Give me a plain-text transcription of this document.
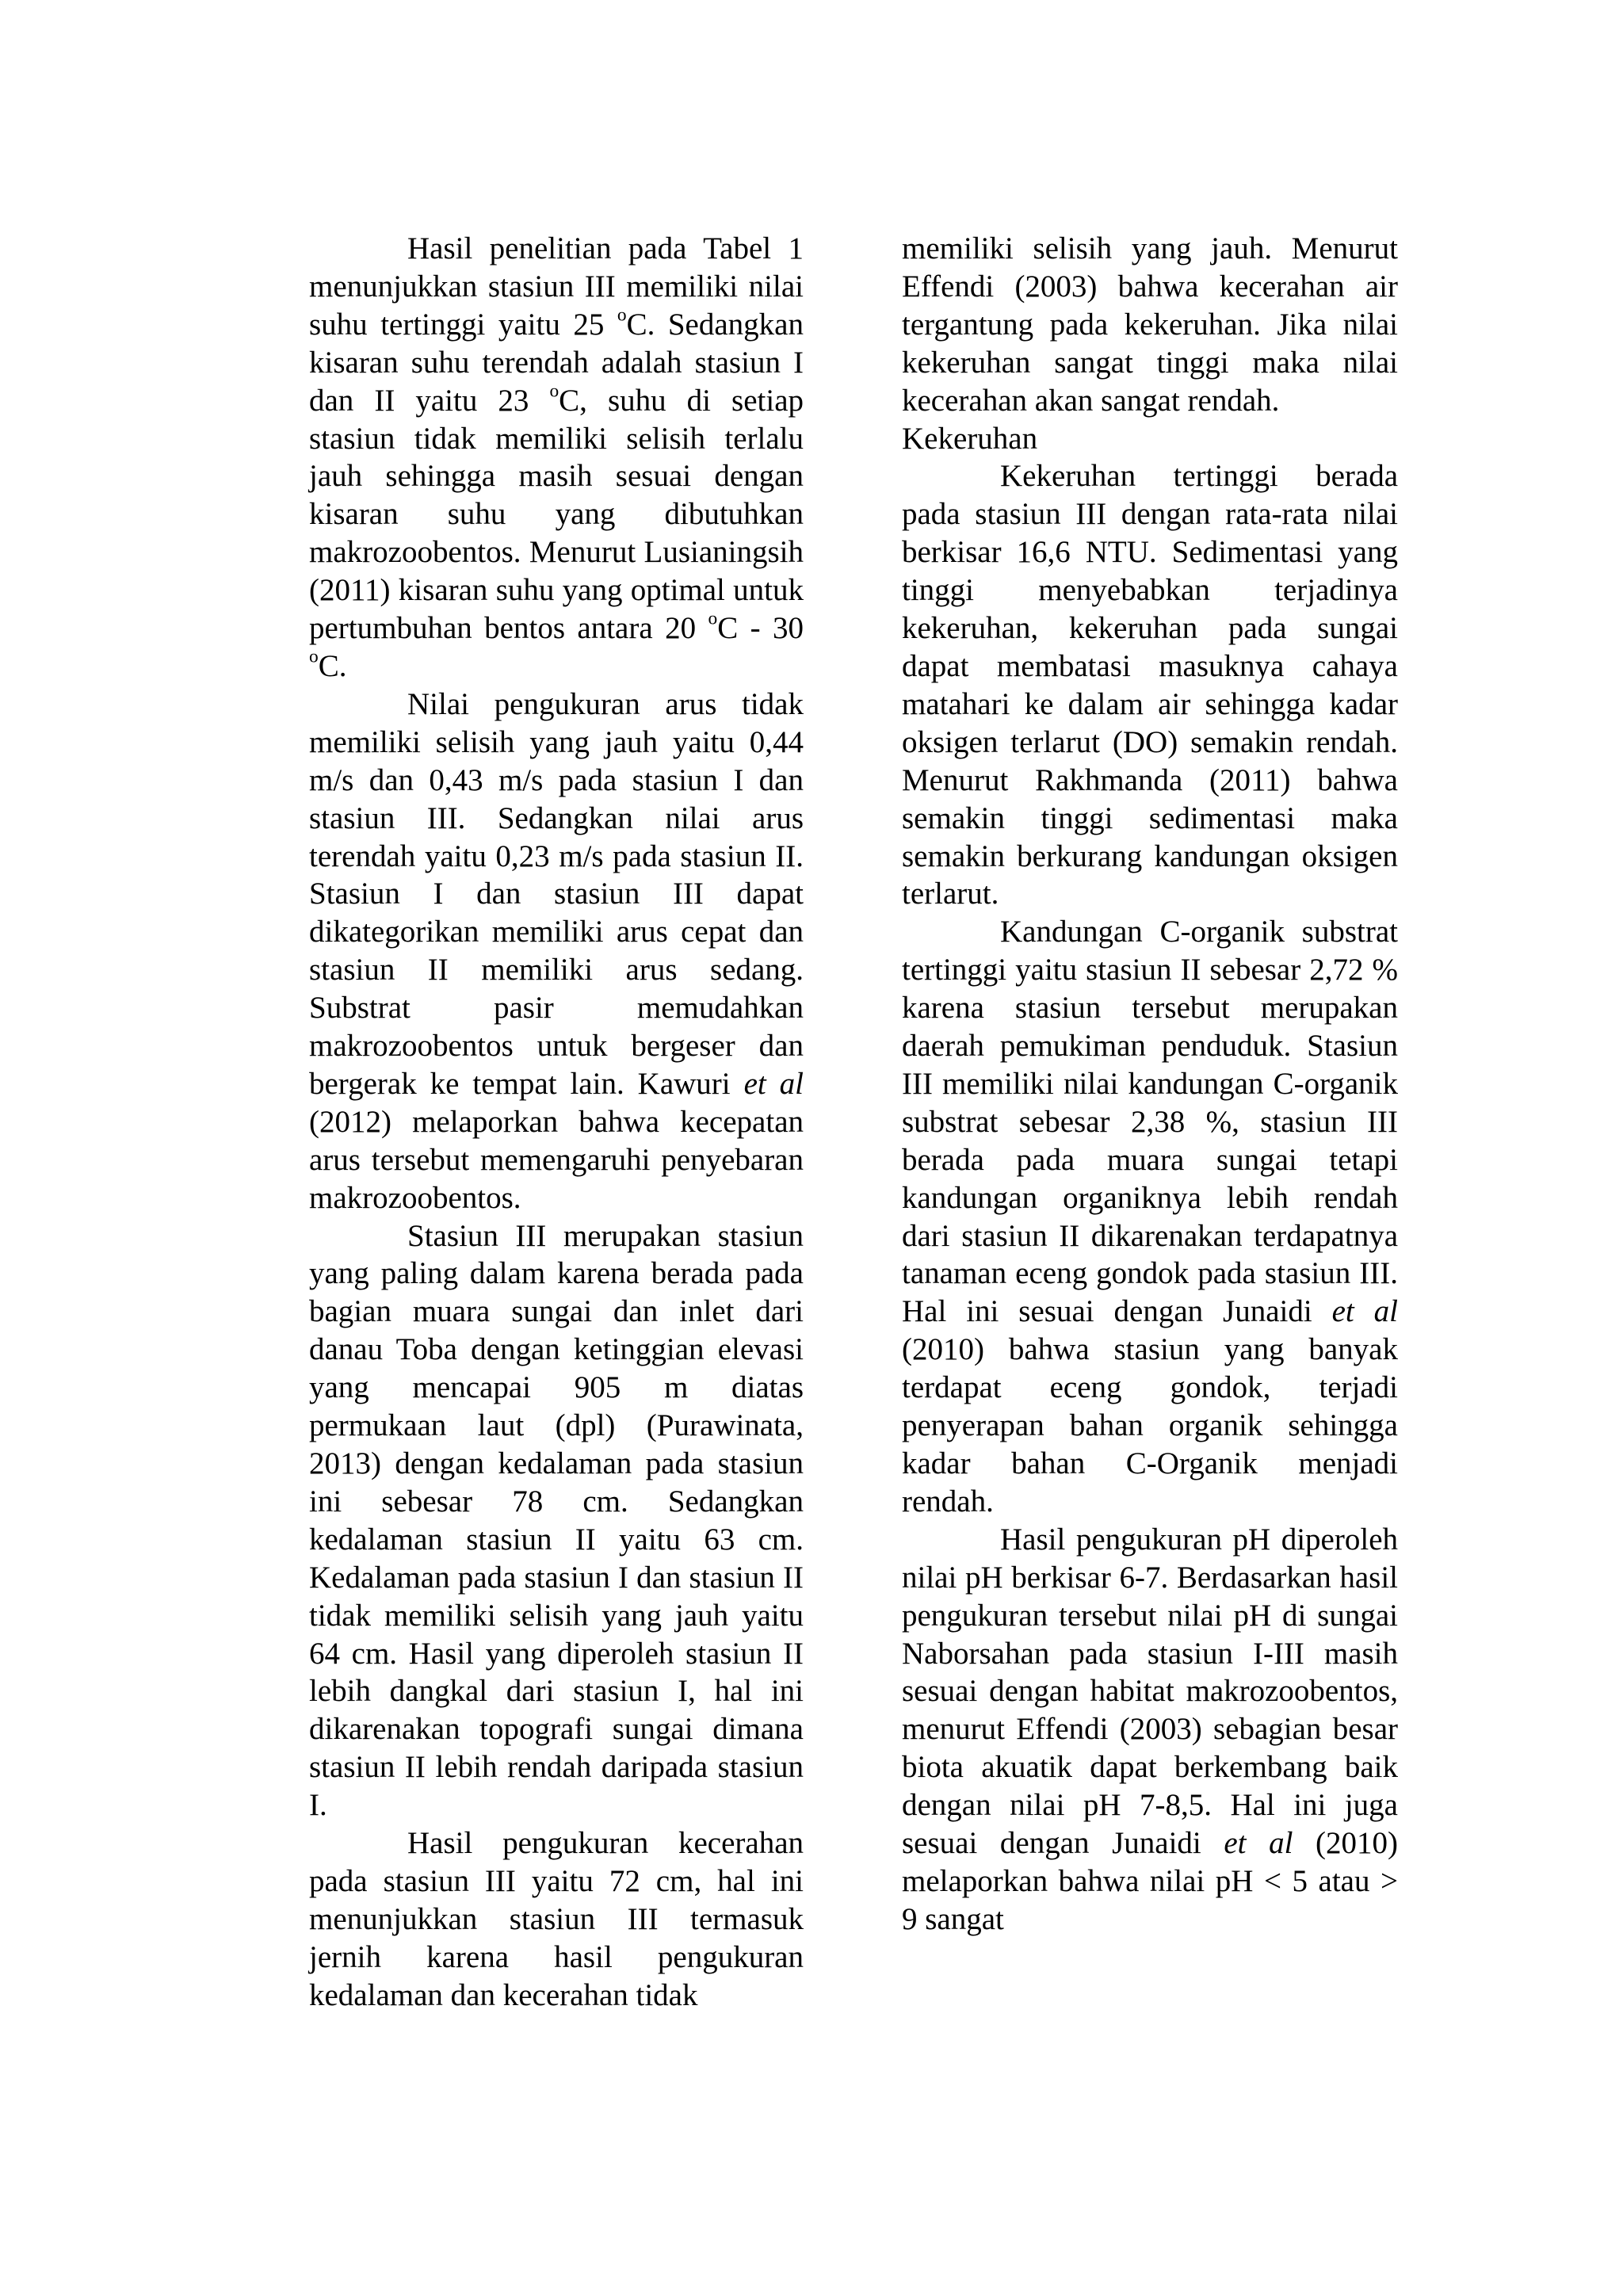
Hasil penelitian pada Tabel 1 menunjukkan stasiun III memiliki nilai suhu tertinggi yaitu 25 $^o$C. Sedangkan kisaran suhu terendah adalah stasiun I dan II yaitu 23 $^o$C, suhu di setiap stasiun tidak memiliki selisih terlalu jauh sehingga masih sesuai dengan kisaran suhu yang dibutuhkan makrozoobentos. Menurut Lusianingsih (2011) kisaran suhu yang optimal untuk pertumbuhan bentos antara 20 $^o$C - 30 $^o$C.

Nilai pengukuran arus tidak memiliki selisih yang jauh yaitu 0,44 m/s dan 0,43 m/s pada stasiun I dan stasiun III. Sedangkan nilai arus terendah yaitu 0,23 m/s pada stasiun II. Stasiun I dan stasiun III dapat dikategorikan memiliki arus cepat dan stasiun II memiliki arus sedang. Substrat pasir memudahkan makrozoobentos untuk bergeser dan bergerak ke tempat lain. Kawuri et al (2012) melaporkan bahwa kecepatan arus tersebut memengaruhi penyebaran makrozoobentos.

Stasiun III merupakan stasiun yang paling dalam karena berada pada bagian muara sungai dan inlet dari danau Toba dengan ketinggian elevasi yang mencapai 905 m diatas permukaan laut (dpl) (Purawinata, 2013) dengan kedalaman pada stasiun ini sebesar 78 cm. Sedangkan kedalaman stasiun II yaitu 63 cm. Kedalaman pada stasiun I dan stasiun II tidak memiliki selisih yang jauh yaitu 64 cm. Hasil yang diperoleh stasiun II lebih dangkal dari stasiun I, hal ini dikarenakan topografi sungai dimana stasiun II lebih rendah daripada stasiun I.

Hasil pengukuran kecerahan pada stasiun III yaitu 72 cm, hal ini menunjukkan stasiun III termasuk jernih karena hasil pengukuran kedalaman dan kecerahan tidak

memiliki selisih yang jauh. Menurut Effendi (2003) bahwa kecerahan air tergantung pada kekeruhan. Jika nilai kekeruhan sangat tinggi maka nilai kecerahan akan sangat rendah.

Kekeruhan

Kekeruhan tertinggi berada pada stasiun III dengan rata-rata nilai berkisar 16,6 NTU. Sedimentasi yang tinggi menyebabkan terjadinya kekeruhan, kekeruhan pada sungai dapat membatasi masuknya cahaya matahari ke dalam air sehingga kadar oksigen terlarut (DO) semakin rendah. Menurut Rakhmanda (2011) bahwa semakin tinggi sedimentasi maka semakin berkurang kandungan oksigen terlarut.

Kandungan C-organik substrat tertinggi yaitu stasiun II sebesar 2,72 % karena stasiun tersebut merupakan daerah pemukiman penduduk. Stasiun III memiliki nilai kandungan C-organik substrat sebesar 2,38 %, stasiun III berada pada muara sungai tetapi kandungan organiknya lebih rendah dari stasiun II dikarenakan terdapatnya tanaman eceng gondok pada stasiun III. Hal ini sesuai dengan Junaidi et al (2010) bahwa stasiun yang banyak terdapat eceng gondok, terjadi penyerapan bahan organik sehingga kadar bahan C-Organik menjadi rendah.

Hasil pengukuran pH diperoleh nilai pH berkisar 6-7. Berdasarkan hasil pengukuran tersebut nilai pH di sungai Naborsahan pada stasiun I-III masih sesuai dengan habitat makrozoobentos, menurut Effendi (2003) sebagian besar biota akuatik dapat berkembang baik dengan nilai pH 7-8,5. Hal ini juga sesuai dengan Junaidi et al (2010) melaporkan bahwa nilai pH < 5 atau > 9 sangat
